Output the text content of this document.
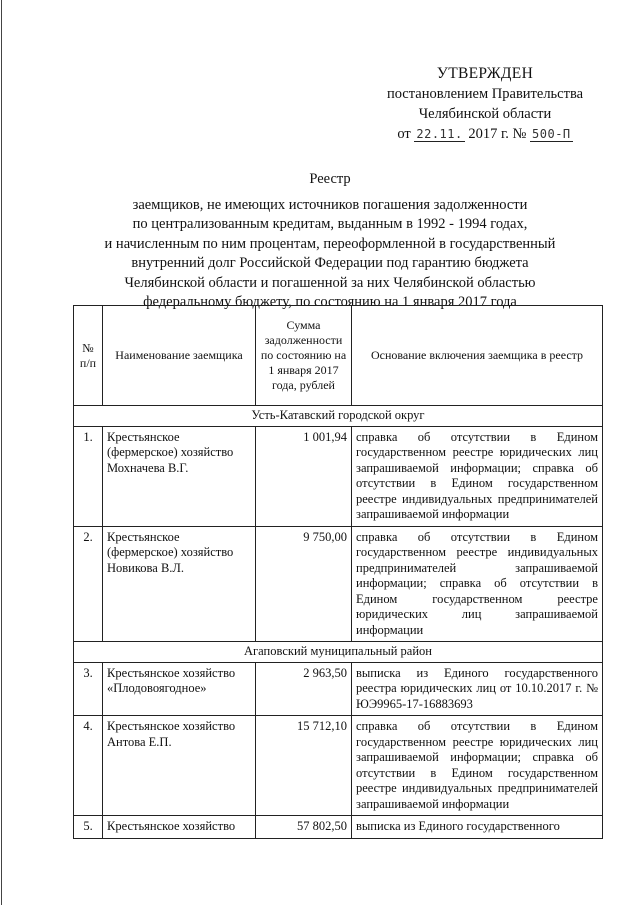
УТВЕРЖДЕН
постановлением Правительства
Челябинской области
от 22.11. 2017 г. № 500-П
Реестр
заемщиков, не имеющих источников погашения задолженности
по централизованным кредитам, выданным в 1992 - 1994 годах,
и начисленным по ним процентам, переоформленной в государственный
внутренний долг Российской Федерации под гарантию бюджета
Челябинской области и погашенной за них Челябинской областью
федеральному бюджету, по состоянию на 1 января 2017 года
№ п/п	Наименование заемщика	Сумма задолженности по состоянию на 1 января 2017 года, рублей	Основание включения заемщика в реестр
Усть-Катавский городской округ			
1.	Крестьянское (фермерское) хозяйство Мохначева В.Г.	1 001,94	справка об отсутствии в Едином государственном реестре юридических лиц запрашиваемой информации; справка об отсутствии в Едином государственном реестре индивидуальных предпринимателей запрашиваемой информации
2.	Крестьянское (фермерское) хозяйство Новикова В.Л.	9 750,00	справка об отсутствии в Едином государственном реестре индивидуальных предпринимателей запрашиваемой информации; справка об отсутствии в Едином государственном реестре юридических лиц запрашиваемой информации
Агаповский муниципальный район			
3.	Крестьянское хозяйство «Плодовоягодное»	2 963,50	выписка из Единого государственного реестра юридических лиц от 10.10.2017 г. № ЮЭ9965-17-16883693
4.	Крестьянское хозяйство Антова Е.П.	15 712,10	справка об отсутствии в Едином государственном реестре юридических лиц запрашиваемой информации; справка об отсутствии в Едином государственном реестре индивидуальных предпринимателей запрашиваемой информации
5.	Крестьянское хозяйство	57 802,50	выписка из Единого государственного
